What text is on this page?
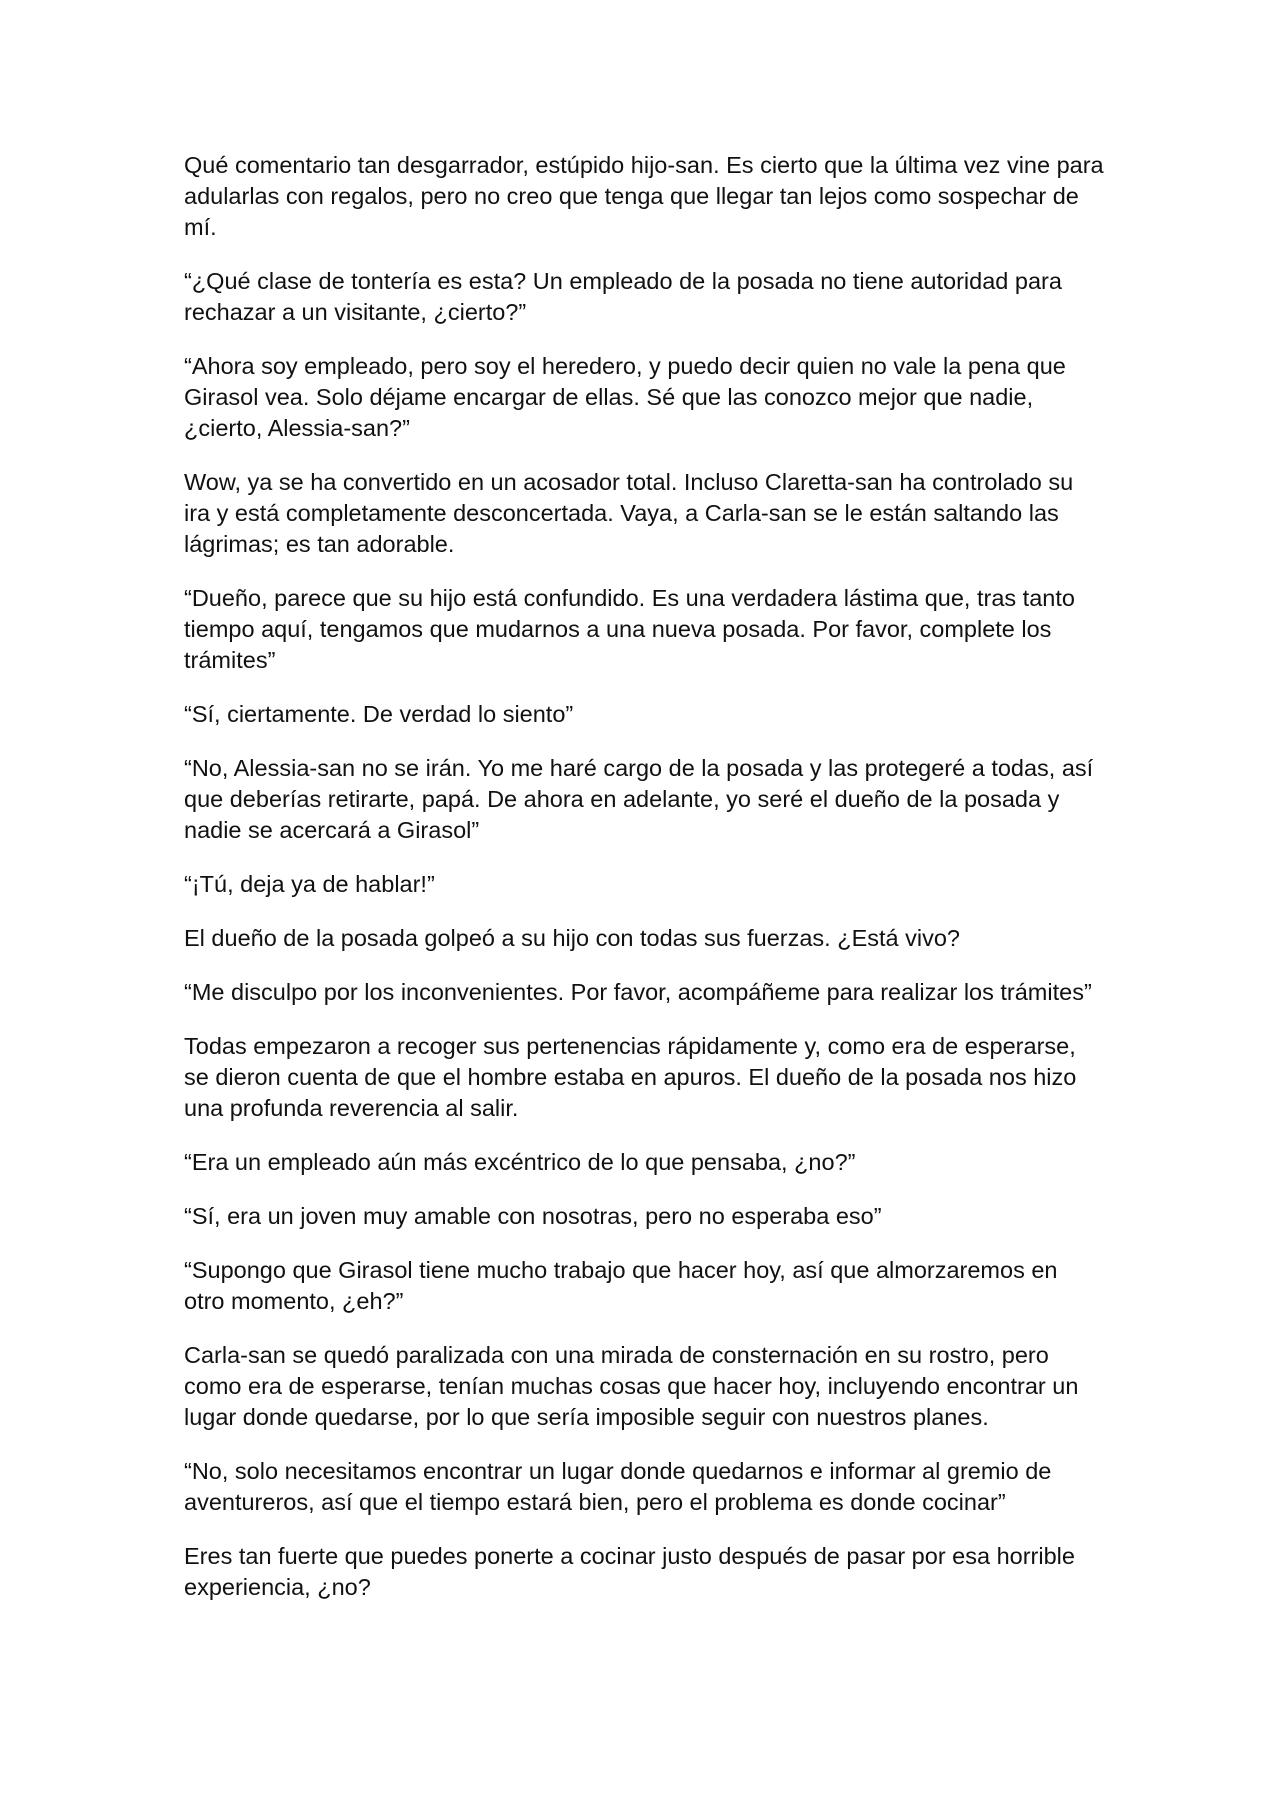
Qué comentario tan desgarrador, estúpido hijo-san. Es cierto que la última vez vine para adularlas con regalos, pero no creo que tenga que llegar tan lejos como sospechar de mí.

“¿Qué clase de tontería es esta? Un empleado de la posada no tiene autoridad para rechazar a un visitante, ¿cierto?”

“Ahora soy empleado, pero soy el heredero, y puedo decir quien no vale la pena que Girasol vea. Solo déjame encargar de ellas. Sé que las conozco mejor que nadie, ¿cierto, Alessia-san?”

Wow, ya se ha convertido en un acosador total. Incluso Claretta-san ha controlado su ira y está completamente desconcertada. Vaya, a Carla-san se le están saltando las lágrimas; es tan adorable.

“Dueño, parece que su hijo está confundido. Es una verdadera lástima que, tras tanto tiempo aquí, tengamos que mudarnos a una nueva posada. Por favor, complete los trámites”

“Sí, ciertamente. De verdad lo siento”

“No, Alessia-san no se irán. Yo me haré cargo de la posada y las protegeré a todas, así que deberías retirarte, papá. De ahora en adelante, yo seré el dueño de la posada y nadie se acercará a Girasol”

“¡Tú, deja ya de hablar!”

El dueño de la posada golpeó a su hijo con todas sus fuerzas. ¿Está vivo?

“Me disculpo por los inconvenientes. Por favor, acompáñeme para realizar los trámites”

Todas empezaron a recoger sus pertenencias rápidamente y, como era de esperarse, se dieron cuenta de que el hombre estaba en apuros. El dueño de la posada nos hizo una profunda reverencia al salir.

“Era un empleado aún más excéntrico de lo que pensaba, ¿no?”

“Sí, era un joven muy amable con nosotras, pero no esperaba eso”

“Supongo que Girasol tiene mucho trabajo que hacer hoy, así que almorzaremos en otro momento, ¿eh?”

Carla-san se quedó paralizada con una mirada de consternación en su rostro, pero como era de esperarse, tenían muchas cosas que hacer hoy, incluyendo encontrar un lugar donde quedarse, por lo que sería imposible seguir con nuestros planes.

“No, solo necesitamos encontrar un lugar donde quedarnos e informar al gremio de aventureros, así que el tiempo estará bien, pero el problema es donde cocinar”

Eres tan fuerte que puedes ponerte a cocinar justo después de pasar por esa horrible experiencia, ¿no?
